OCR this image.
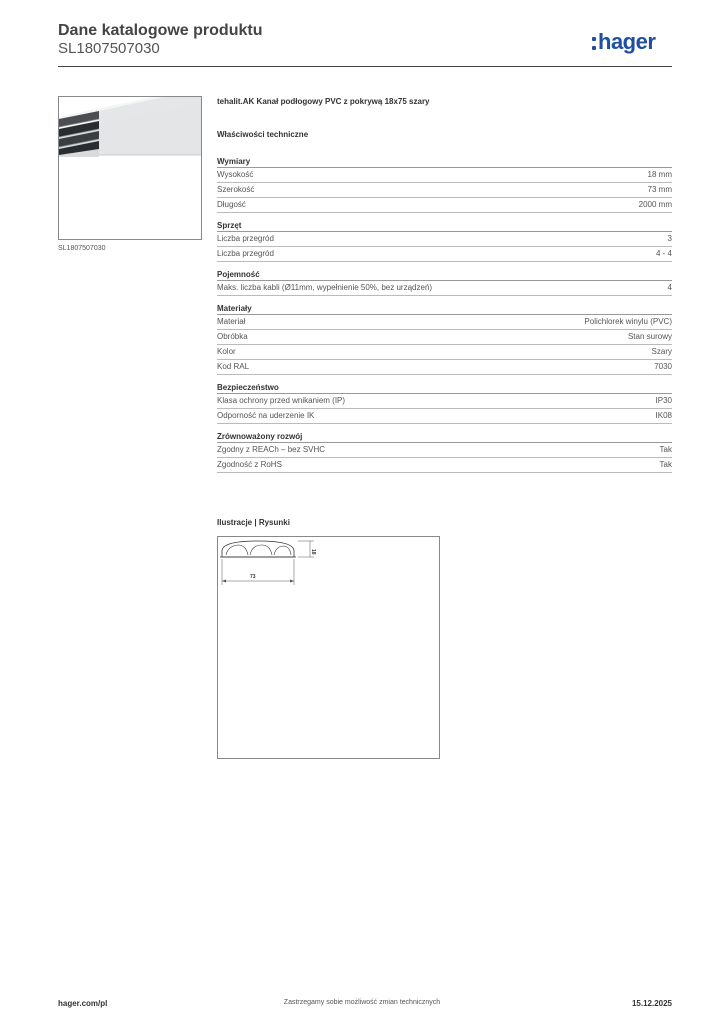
Dane katalogowe produktu
SL1807507030	hager
SL1807507030
tehalit.AK Kanał podłogowy PVC z pokrywą 18x75 szary
Właściwości techniczne
Wymiary
Wysokość	18 mm
Szerokość	73 mm
Długość	2000 mm
Sprzęt
Liczba przegród	3
Liczba przegród	4 - 4
Pojemność
Maks. liczba kabli (Ø11mm, wypełnienie 50%, bez urządzeń)	4
Materiały
Materiał	Polichlorek winylu (PVC)
Obróbka	Stan surowy
Kolor	Szary
Kod RAL	7030
Bezpieczeństwo
Klasa ochrony przed wnikaniem (IP)	IP30
Odporność na uderzenie IK	IK08
Zrównoważony rozwój
Zgodny z REACh – bez SVHC	Tak
Zgodność z RoHS	Tak
Ilustracje | Rysunki
18
73
hager.com/pl	Zastrzegamy sobie możliwość zmian technicznych	15.12.2025
